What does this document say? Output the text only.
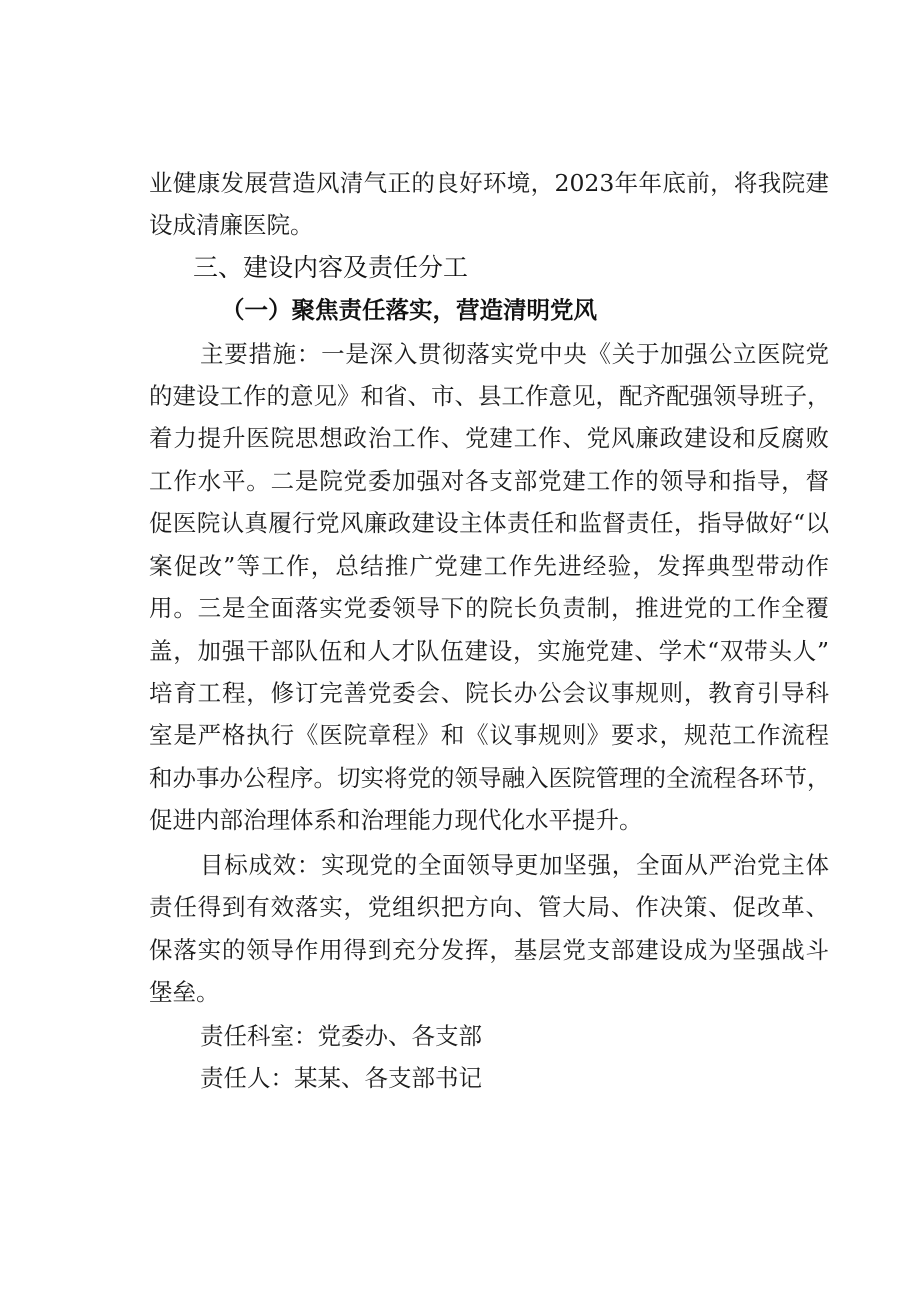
业健康发展营造风清气正的良好环境，2023年年底前，将我院建
设成清廉医院。
三、建设内容及责任分工
（一）聚焦责任落实，营造清明党风
主要措施：一是深入贯彻落实党中央《关于加强公立医院党
的建设工作的意见》和省、市、县工作意见，配齐配强领导班子，
着力提升医院思想政治工作、党建工作、党风廉政建设和反腐败
工作水平。二是院党委加强对各支部党建工作的领导和指导，督
促医院认真履行党风廉政建设主体责任和监督责任，指导做好“以
案促改”等工作，总结推广党建工作先进经验，发挥典型带动作
用。三是全面落实党委领导下的院长负责制，推进党的工作全覆
盖，加强干部队伍和人才队伍建设，实施党建、学术“双带头人”
培育工程，修订完善党委会、院长办公会议事规则，教育引导科
室是严格执行《医院章程》和《议事规则》要求，规范工作流程
和办事办公程序。切实将党的领导融入医院管理的全流程各环节，
促进内部治理体系和治理能力现代化水平提升。
目标成效：实现党的全面领导更加坚强，全面从严治党主体
责任得到有效落实，党组织把方向、管大局、作决策、促改革、
保落实的领导作用得到充分发挥，基层党支部建设成为坚强战斗
堡垒。
责任科室：党委办、各支部
责任人：某某、各支部书记
